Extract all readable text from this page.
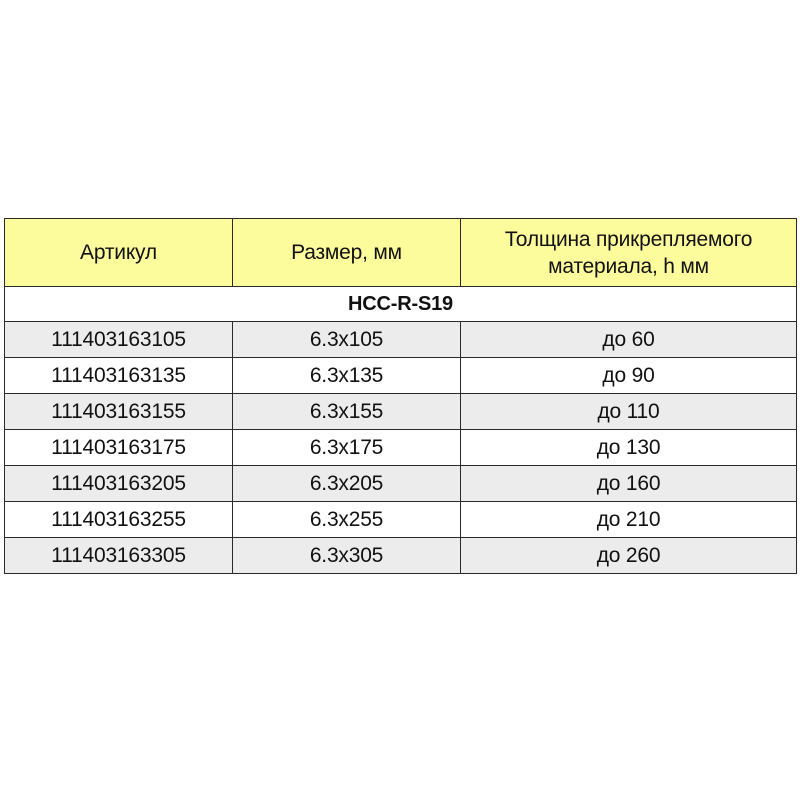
Артикул	Размер, мм	Толщина прикрепляемого материала, h мм
HCC-R-S19		
111403163105	6.3x105	до 60
111403163135	6.3x135	до 90
111403163155	6.3x155	до 110
111403163175	6.3x175	до 130
111403163205	6.3x205	до 160
111403163255	6.3x255	до 210
111403163305	6.3x305	до 260
